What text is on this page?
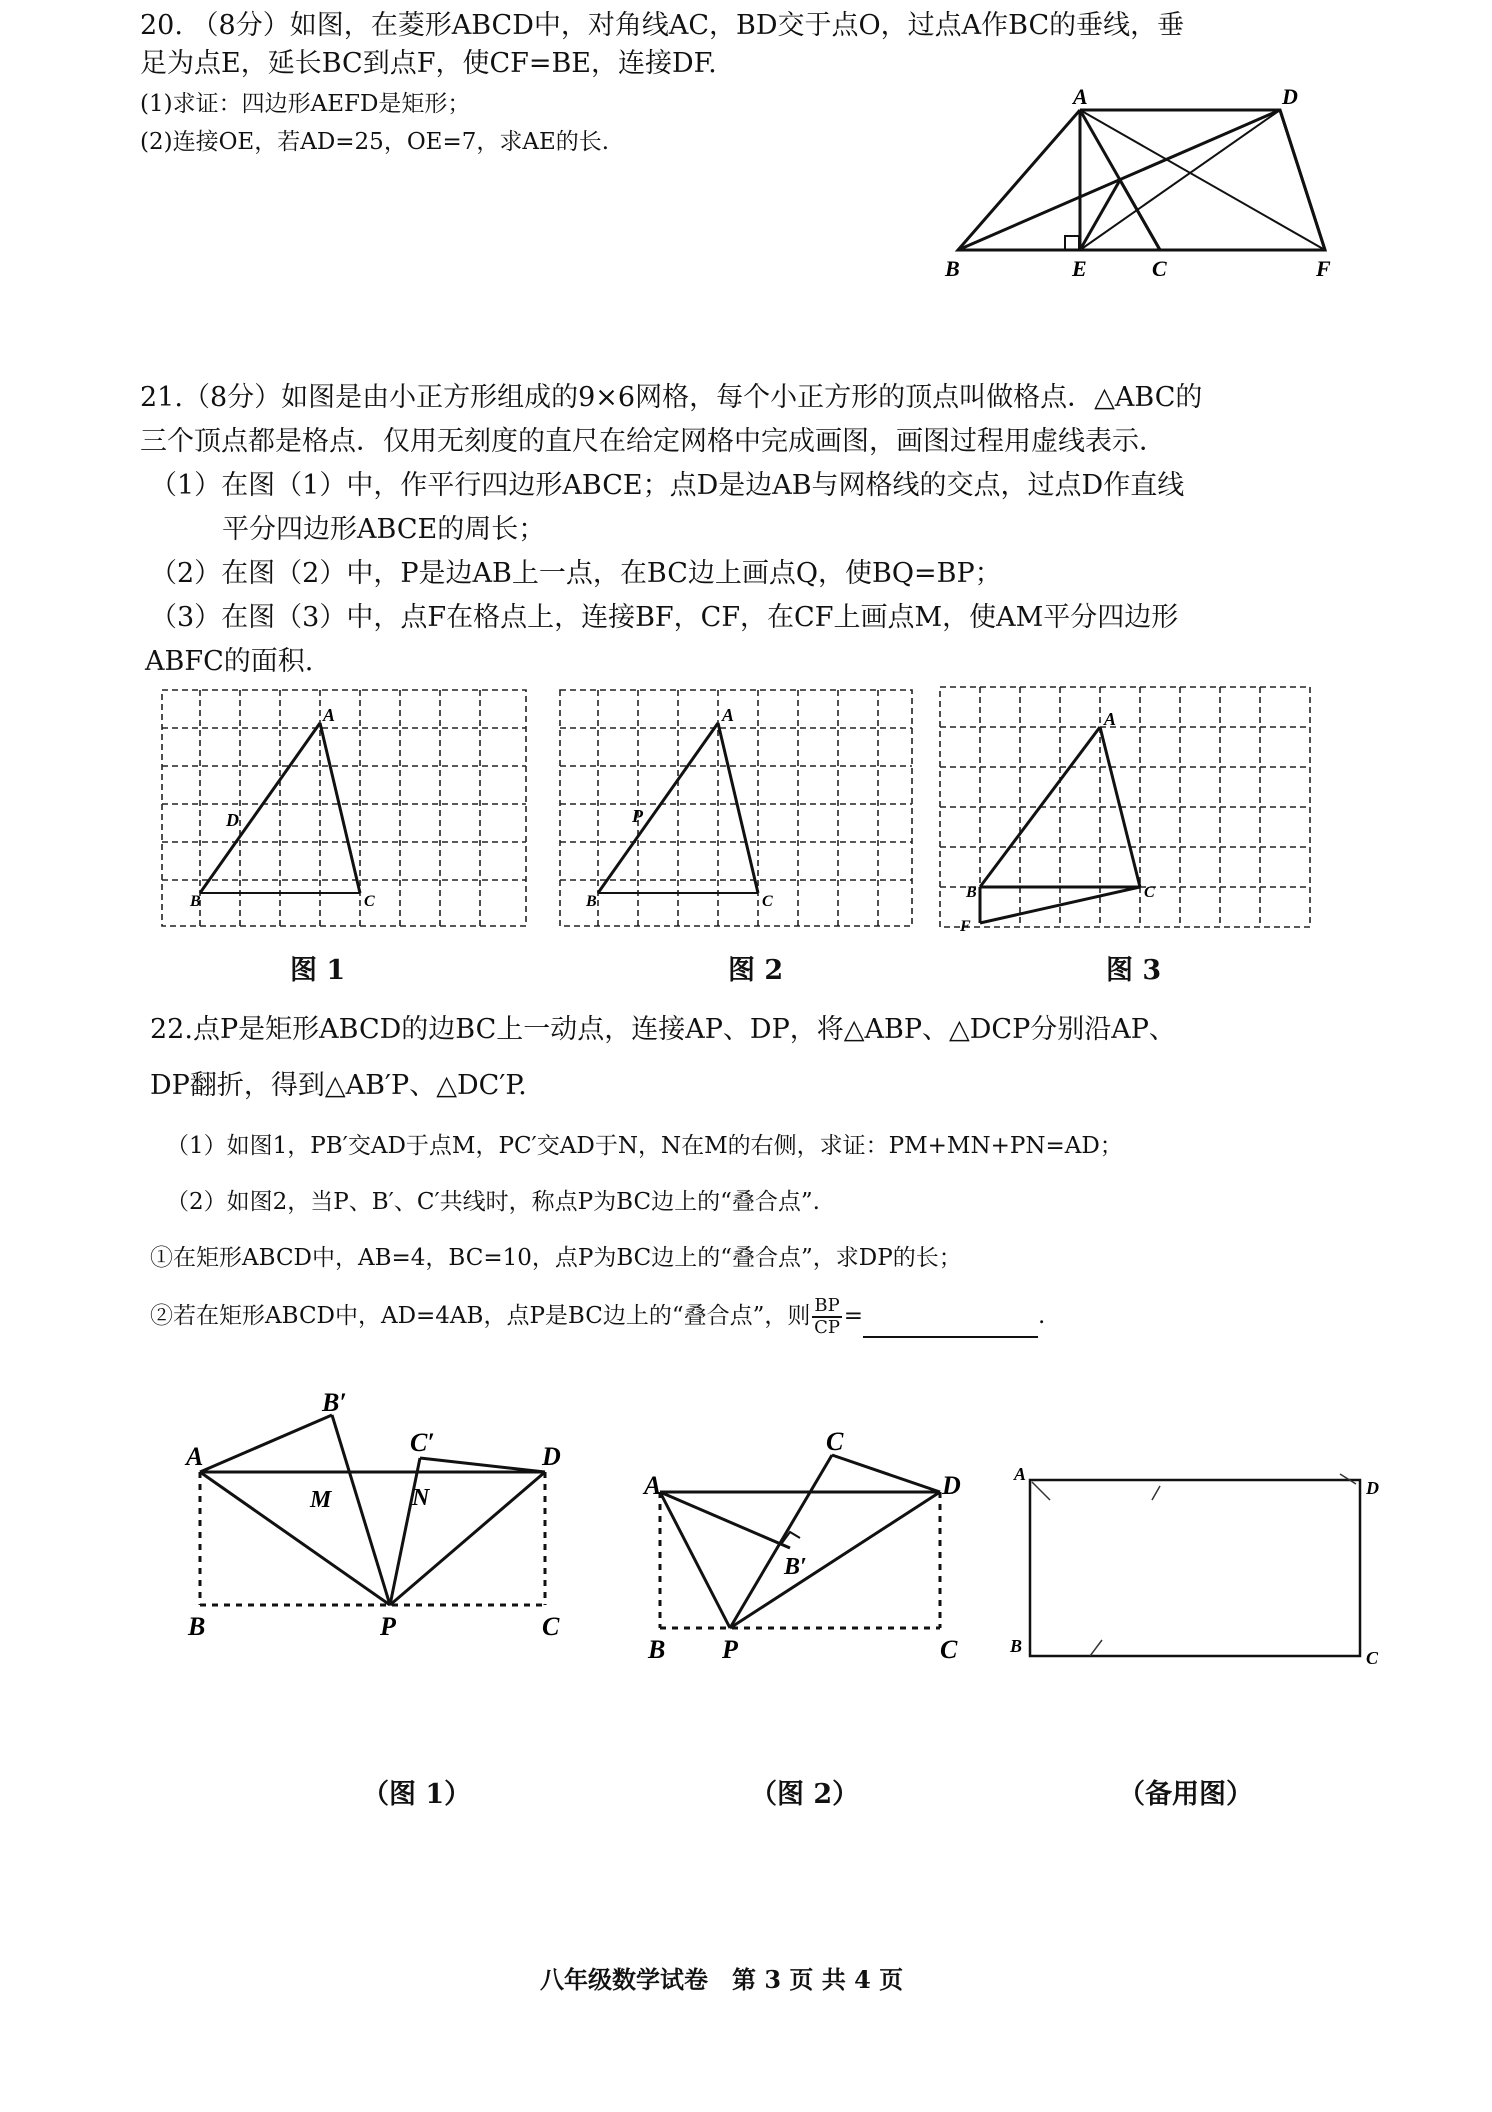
20. （8分）如图，在菱形ABCD中，对角线AC，BD交于点O，过点A作BC的垂线，垂
足为点E，延长BC到点F，使CF=BE，连接DF.
(1)求证：四边形AEFD是矩形；
(2)连接OE，若AD=25，OE=7，求AE的长.
A	D
B	E	C	F
21.（8分）如图是由小正方形组成的9×6网格，每个小正方形的顶点叫做格点．△ABC的
三个顶点都是格点．仅用无刻度的直尺在给定网格中完成画图，画图过程用虚线表示．
（1）在图（1）中，作平行四边形ABCE；点D是边AB与网格线的交点，过点D作直线
平分四边形ABCE的周长；
（2）在图（2）中，P是边AB上一点，在BC边上画点Q，使BQ=BP；
（3）在图（3）中，点F在格点上，连接BF，CF，在CF上画点M，使AM平分四边形
ABFC的面积.
A
D
B	C
A
P
B	C
A
B	C
F
图 1	图 2	图 3
22.点P是矩形ABCD的边BC上一动点，连接AP、DP，将△ABP、△DCP分别沿AP、
DP翻折，得到△AB′P、△DC′P.
（1）如图1，PB′交AD于点M，PC′交AD于N，N在M的右侧，求证：PM+MN+PN=AD；
（2）如图2，当P、B′、C′共线时，称点P为BC边上的“叠合点”.
①在矩形ABCD中，AB=4，BC=10，点P为BC边上的“叠合点”，求DP的长；
②若在矩形ABCD中，AD=4AB，点P是BC边上的“叠合点”，则 $\frac{BP}{CP}$ =	.
A
B′
C′	D
M	N
B	P	C
A
C
D
B′
B P	C
A
D
B
C
（图 1）	（图 2）	（备用图）
八年级数学试卷　第 3 页 共 4 页
